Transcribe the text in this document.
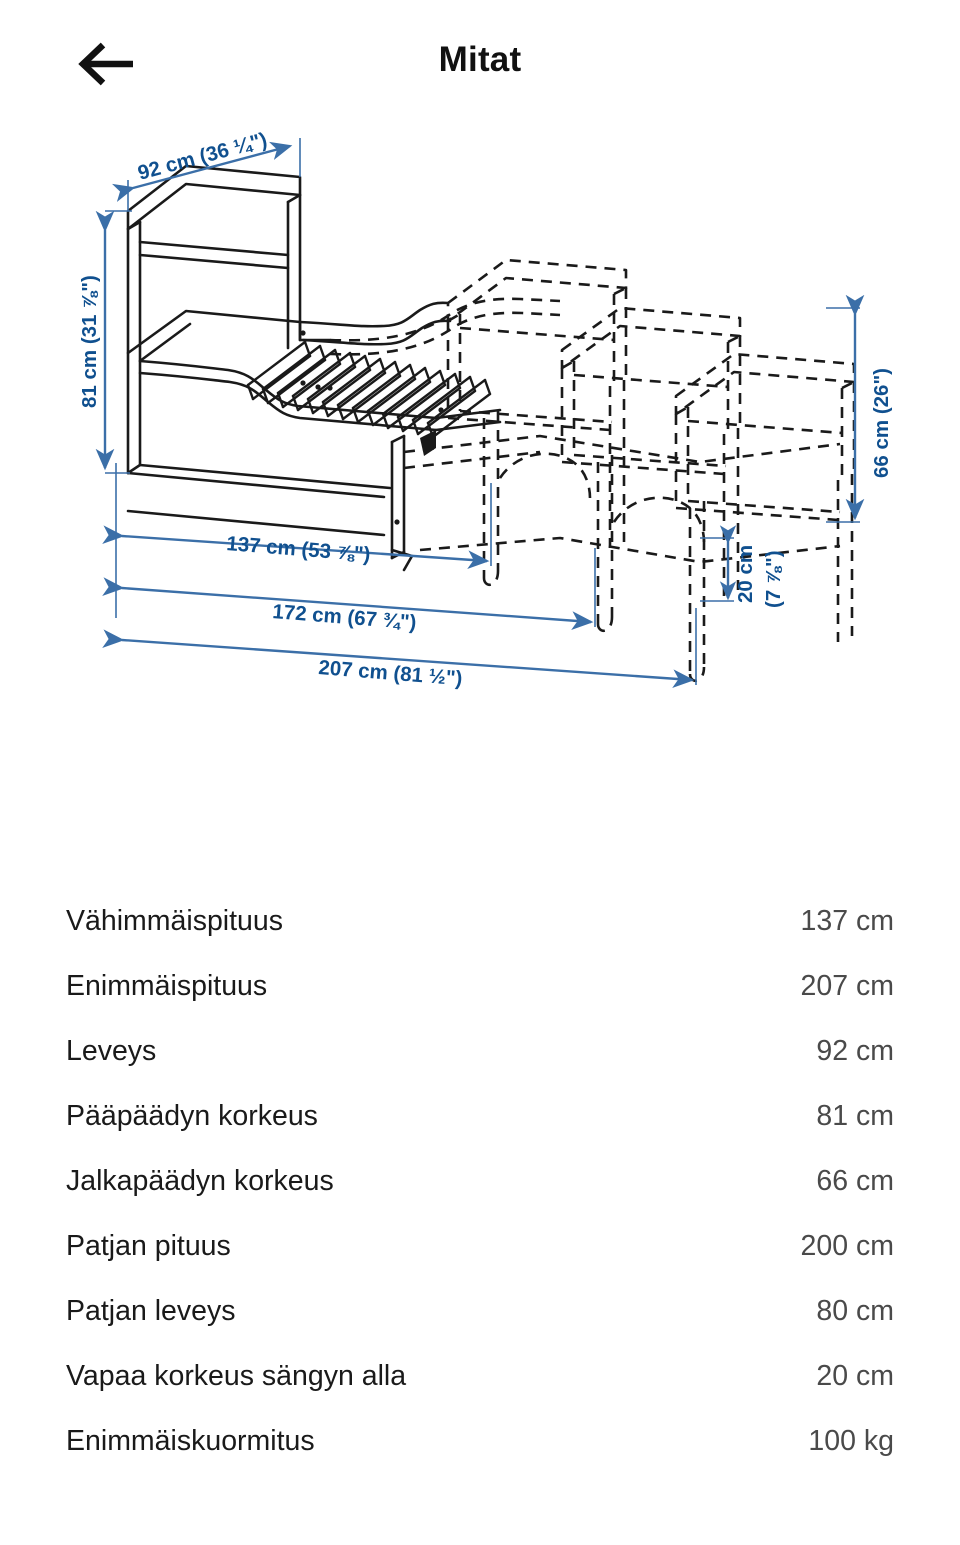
Mitat
92 cm (36 ¼")
81 cm (31 ⅞")
66 cm (26")
137 cm (53 ⅞")
172 cm (67 ¾")
207 cm (81 ½")
20 cm (7 ⅞")
Vähimmäispituus	137 cm
Enimmäispituus	207 cm
Leveys	92 cm
Pääpäädyn korkeus	81 cm
Jalkapäädyn korkeus	66 cm
Patjan pituus	200 cm
Patjan leveys	80 cm
Vapaa korkeus sängyn alla	20 cm
Enimmäiskuormitus	100 kg
